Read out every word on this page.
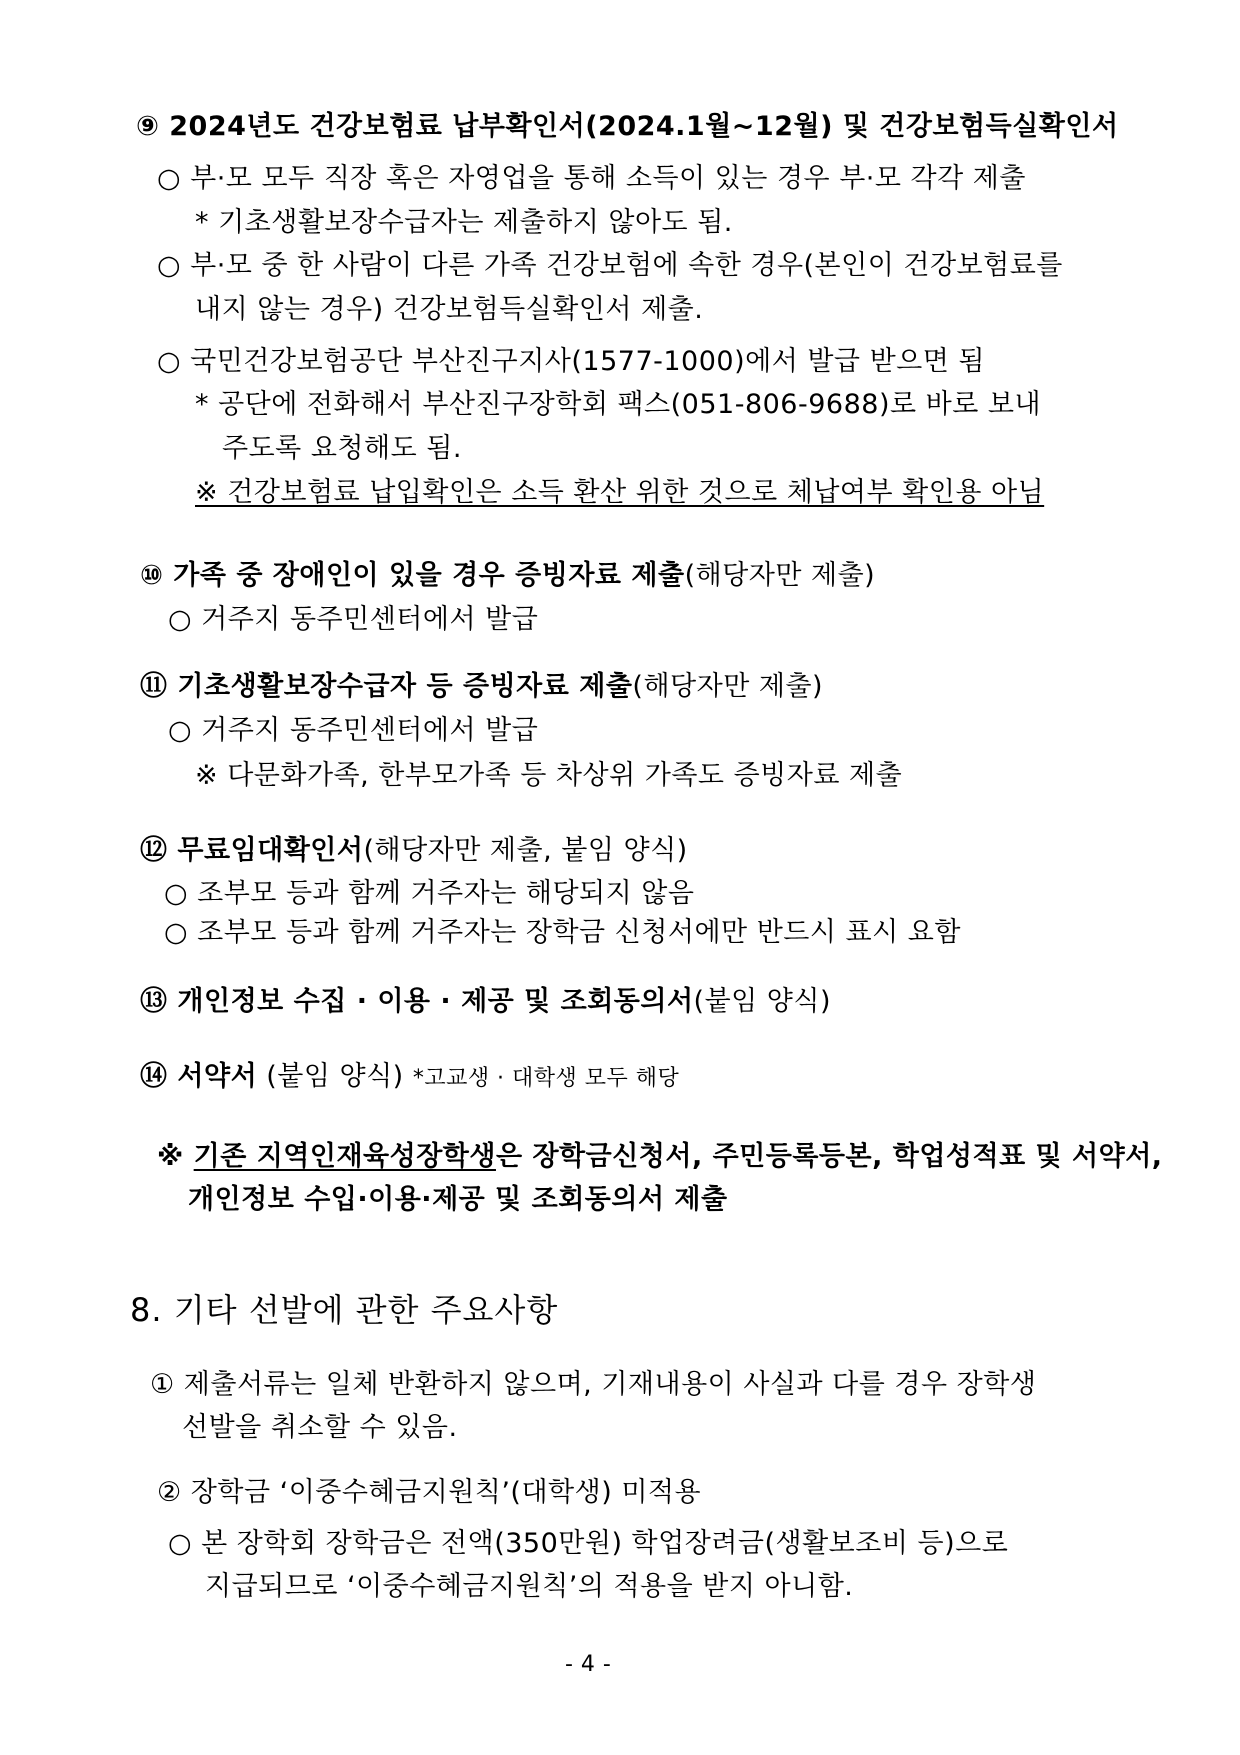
⑨ 2024년도 건강보험료 납부확인서(2024.1월~12월) 및 건강보험득실확인서
○ 부·모 모두 직장 혹은 자영업을 통해 소득이 있는 경우 부·모 각각 제출
* 기초생활보장수급자는 제출하지 않아도 됨.
○ 부·모 중 한 사람이 다른 가족 건강보험에 속한 경우(본인이 건강보험료를
내지 않는 경우) 건강보험득실확인서 제출.
○ 국민건강보험공단 부산진구지사(1577-1000)에서 발급 받으면 됨
* 공단에 전화해서 부산진구장학회 팩스(051-806-9688)로 바로 보내
주도록 요청해도 됨.
※ 건강보험료 납입확인은 소득 환산 위한 것으로 체납여부 확인용 아님
⑩ 가족 중 장애인이 있을 경우 증빙자료 제출(해당자만 제출)
○ 거주지 동주민센터에서 발급
⑪ 기초생활보장수급자 등 증빙자료 제출(해당자만 제출)
○ 거주지 동주민센터에서 발급
※ 다문화가족, 한부모가족 등 차상위 가족도 증빙자료 제출
⑫ 무료임대확인서(해당자만 제출, 붙임 양식)
○ 조부모 등과 함께 거주자는 해당되지 않음
○ 조부모 등과 함께 거주자는 장학금 신청서에만 반드시 표시 요함
⑬ 개인정보 수집 · 이용 · 제공 및 조회동의서(붙임 양식)
⑭ 서약서 (붙임 양식) *고교생 · 대학생 모두 해당
※ 기존 지역인재육성장학생은 장학금신청서, 주민등록등본, 학업성적표 및 서약서,
개인정보 수입·이용·제공 및 조회동의서 제출
8. 기타 선발에 관한 주요사항
① 제출서류는 일체 반환하지 않으며, 기재내용이 사실과 다를 경우 장학생
선발을 취소할 수 있음.
② 장학금 ‘이중수혜금지원칙’(대학생) 미적용
○ 본 장학회 장학금은 전액(350만원) 학업장려금(생활보조비 등)으로
지급되므로 ‘이중수혜금지원칙’의 적용을 받지 아니함.
- 4 -
